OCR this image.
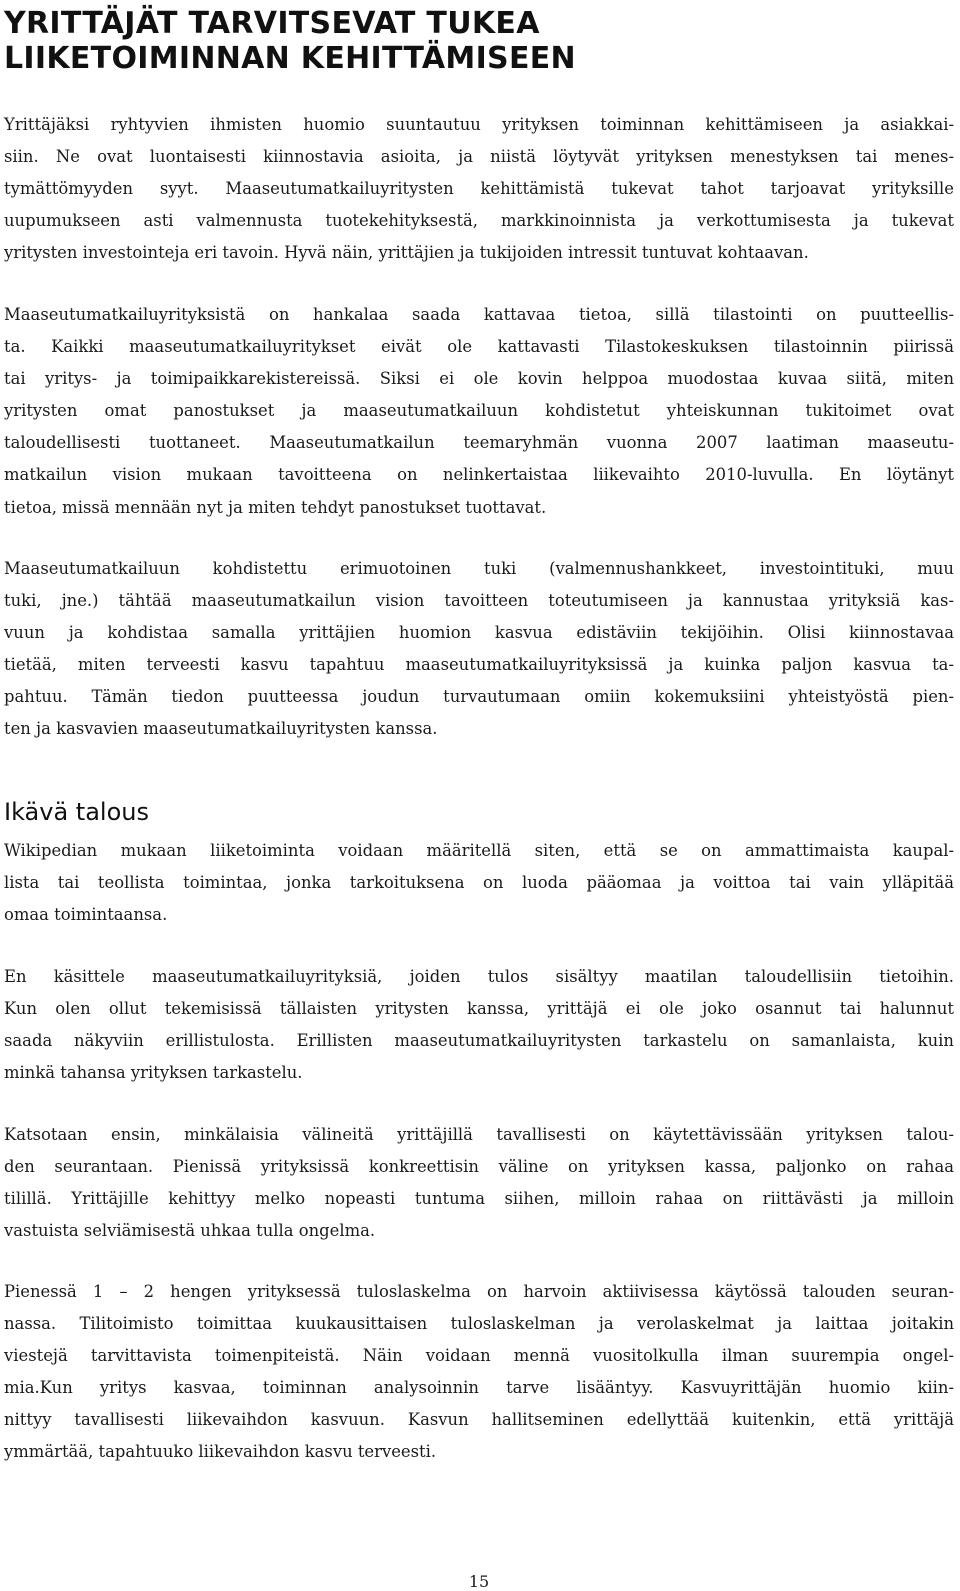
YRITTÄJÄT TARVITSEVAT TUKEA
LIIKETOIMINNAN KEHITTÄMISEEN

Yrittäjäksi ryhtyvien ihmisten huomio suuntautuu yrityksen toiminnan kehittämiseen ja asiakkai-
siin. Ne ovat luontaisesti kiinnostavia asioita, ja niistä löytyvät yrityksen menestyksen tai menes-
tymättömyyden syyt. Maaseutumatkailuyritysten kehittämistä tukevat tahot tarjoavat yrityksille
uupumukseen asti valmennusta tuotekehityksestä, markkinoinnista ja verkottumisesta ja tukevat
yritysten investointeja eri tavoin. Hyvä näin, yrittäjien ja tukijoiden intressit tuntuvat kohtaavan.

Maaseutumatkailuyrityksistä on hankalaa saada kattavaa tietoa, sillä tilastointi on puutteellis-
ta. Kaikki maaseutumatkailuyritykset eivät ole kattavasti Tilastokeskuksen tilastoinnin piirissä
tai yritys- ja toimipaikkarekistereissä. Siksi ei ole kovin helppoa muodostaa kuvaa siitä, miten
yritysten omat panostukset ja maaseutumatkailuun kohdistetut yhteiskunnan tukitoimet ovat
taloudellisesti tuottaneet. Maaseutumatkailun teemaryhmän vuonna 2007 laatiman maaseutu-
matkailun vision mukaan tavoitteena on nelinkertaistaa liikevaihto 2010-luvulla. En löytänyt
tietoa, missä mennään nyt ja miten tehdyt panostukset tuottavat.

Maaseutumatkailuun kohdistettu erimuotoinen tuki (valmennushankkeet, investointituki, muu
tuki, jne.) tähtää maaseutumatkailun vision tavoitteen toteutumiseen ja kannustaa yrityksiä kas-
vuun ja kohdistaa samalla yrittäjien huomion kasvua edistäviin tekijöihin. Olisi kiinnostavaa
tietää, miten terveesti kasvu tapahtuu maaseutumatkailuyrityksissä ja kuinka paljon kasvua ta-
pahtuu. Tämän tiedon puutteessa joudun turvautumaan omiin kokemuksiini yhteistyöstä pien-
ten ja kasvavien maaseutumatkailuyritysten kanssa.

Ikävä talous

Wikipedian mukaan liiketoiminta voidaan määritellä siten, että se on ammattimaista kaupal-
lista tai teollista toimintaa, jonka tarkoituksena on luoda pääomaa ja voittoa tai vain ylläpitää
omaa toimintaansa.

En käsittele maaseutumatkailuyrityksiä, joiden tulos sisältyy maatilan taloudellisiin tietoihin.
Kun olen ollut tekemisissä tällaisten yritysten kanssa, yrittäjä ei ole joko osannut tai halunnut
saada näkyviin erillistulosta. Erillisten maaseutumatkailuyritysten tarkastelu on samanlaista, kuin
minkä tahansa yrityksen tarkastelu.

Katsotaan ensin, minkälaisia välineitä yrittäjillä tavallisesti on käytettävissään yrityksen talou-
den seurantaan. Pienissä yrityksissä konkreettisin väline on yrityksen kassa, paljonko on rahaa
tilillä. Yrittäjille kehittyy melko nopeasti tuntuma siihen, milloin rahaa on riittävästi ja milloin
vastuista selviämisestä uhkaa tulla ongelma.

Pienessä 1 – 2 hengen yrityksessä tuloslaskelma on harvoin aktiivisessa käytössä talouden seuran-
nassa. Tilitoimisto toimittaa kuukausittaisen tuloslaskelman ja verolaskelmat ja laittaa joitakin
viestejä tarvittavista toimenpiteistä. Näin voidaan mennä vuositolkulla ilman suurempia ongel-
mia.Kun yritys kasvaa, toiminnan analysoinnin tarve lisääntyy. Kasvuyrittäjän huomio kiin-
nittyy tavallisesti liikevaihdon kasvuun. Kasvun hallitseminen edellyttää kuitenkin, että yrittäjä
ymmärtää, tapahtuuko liikevaihdon kasvu terveesti.

15
